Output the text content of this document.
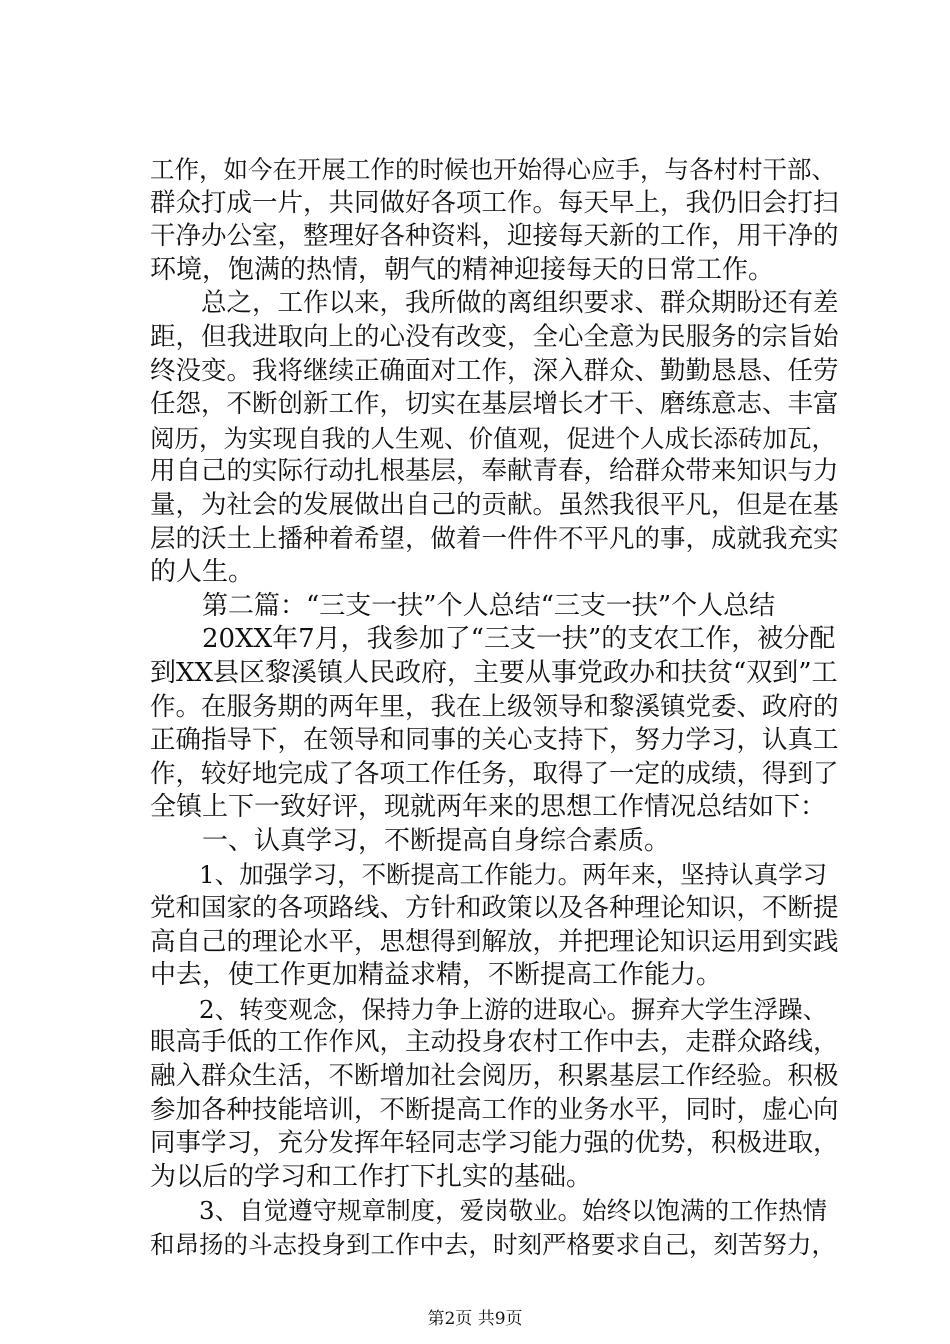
工作，如今在开展工作的时候也开始得心应手，与各村村干部、
群众打成一片，共同做好各项工作。每天早上，我仍旧会打扫
干净办公室，整理好各种资料，迎接每天新的工作，用干净的
环境，饱满的热情，朝气的精神迎接每天的日常工作。
　　总之，工作以来，我所做的离组织要求、群众期盼还有差
距，但我进取向上的心没有改变，全心全意为民服务的宗旨始
终没变。我将继续正确面对工作，深入群众、勤勤恳恳、任劳
任怨，不断创新工作，切实在基层增长才干、磨练意志、丰富
阅历，为实现自我的人生观、价值观，促进个人成长添砖加瓦，
用自己的实际行动扎根基层，奉献青春，给群众带来知识与力
量，为社会的发展做出自己的贡献。虽然我很平凡，但是在基
层的沃土上播种着希望，做着一件件不平凡的事，成就我充实
的人生。
　　第二篇：“三支一扶”个人总结“三支一扶”个人总结
　　20XX年7月，我参加了“三支一扶”的支农工作，被分配
到XX县区黎溪镇人民政府，主要从事党政办和扶贫“双到”工
作。在服务期的两年里，我在上级领导和黎溪镇党委、政府的
正确指导下，在领导和同事的关心支持下，努力学习，认真工
作，较好地完成了各项工作任务，取得了一定的成绩，得到了
全镇上下一致好评，现就两年来的思想工作情况总结如下：
　　一、认真学习，不断提高自身综合素质。
　　1、加强学习，不断提高工作能力。两年来，坚持认真学习
党和国家的各项路线、方针和政策以及各种理论知识，不断提
高自己的理论水平，思想得到解放，并把理论知识运用到实践
中去，使工作更加精益求精，不断提高工作能力。
　　2、转变观念，保持力争上游的进取心。摒弃大学生浮躁、
眼高手低的工作作风，主动投身农村工作中去，走群众路线，
融入群众生活，不断增加社会阅历，积累基层工作经验。积极
参加各种技能培训，不断提高工作的业务水平，同时，虚心向
同事学习，充分发挥年轻同志学习能力强的优势，积极进取，
为以后的学习和工作打下扎实的基础。
　　3、自觉遵守规章制度，爱岗敬业。始终以饱满的工作热情
和昂扬的斗志投身到工作中去，时刻严格要求自己，刻苦努力，
第2页 共9页
